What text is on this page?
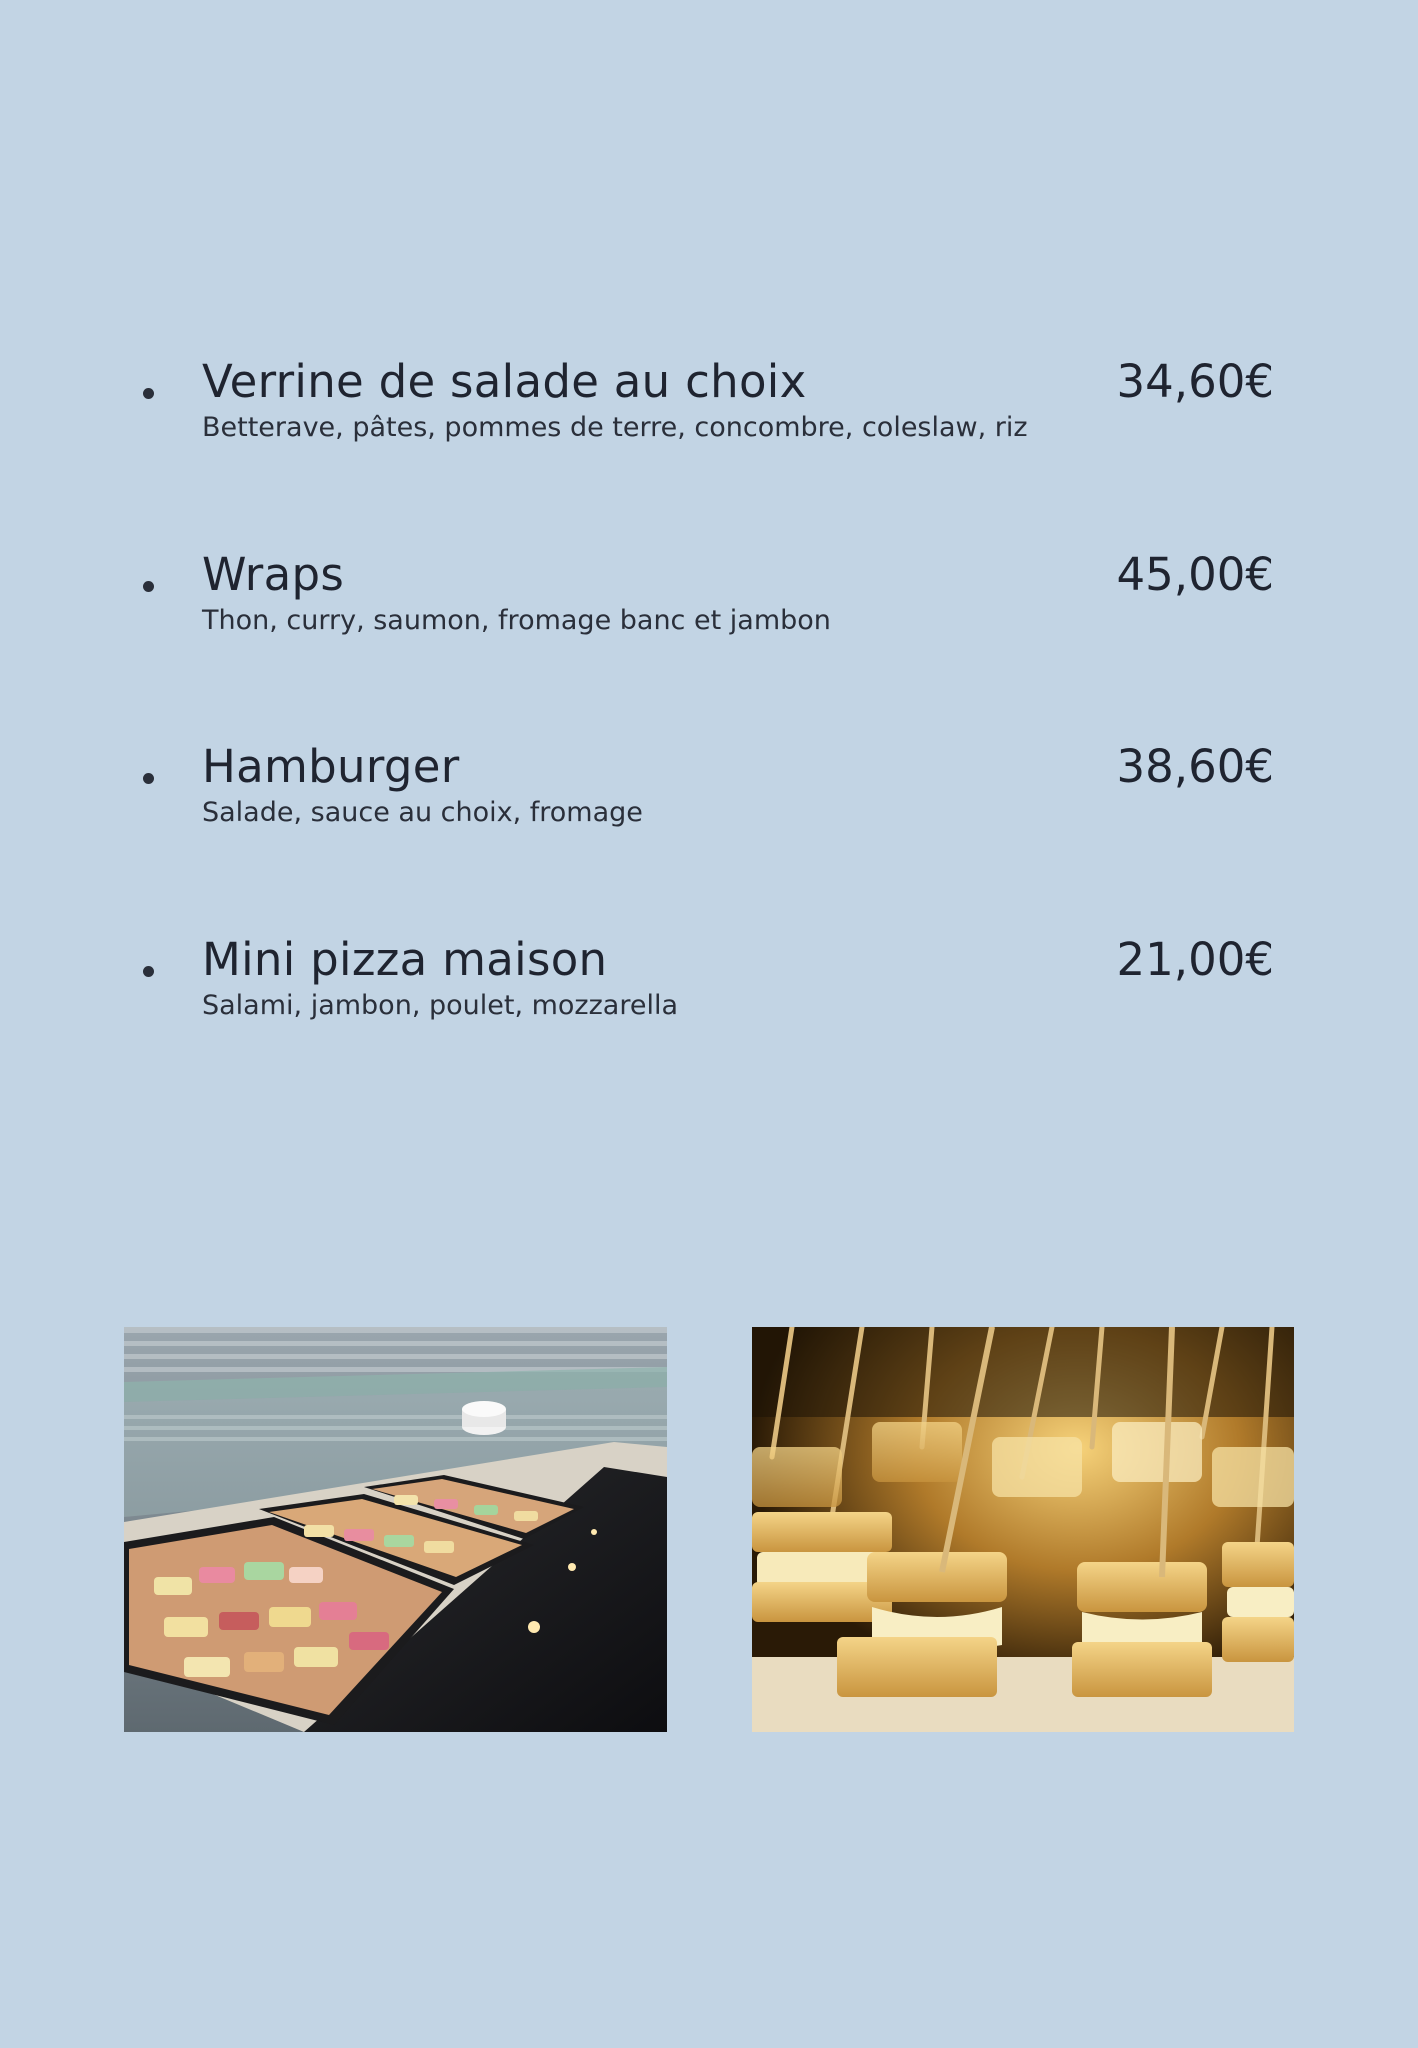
Verrine de salade au choix
Betterave, pâtes, pommes de terre, concombre, coleslaw, riz
34,60€
Wraps
Thon, curry, saumon, fromage banc et jambon
45,00€
Hamburger
Salade, sauce au choix, fromage
38,60€
Mini pizza maison
Salami, jambon, poulet, mozzarella
21,00€
